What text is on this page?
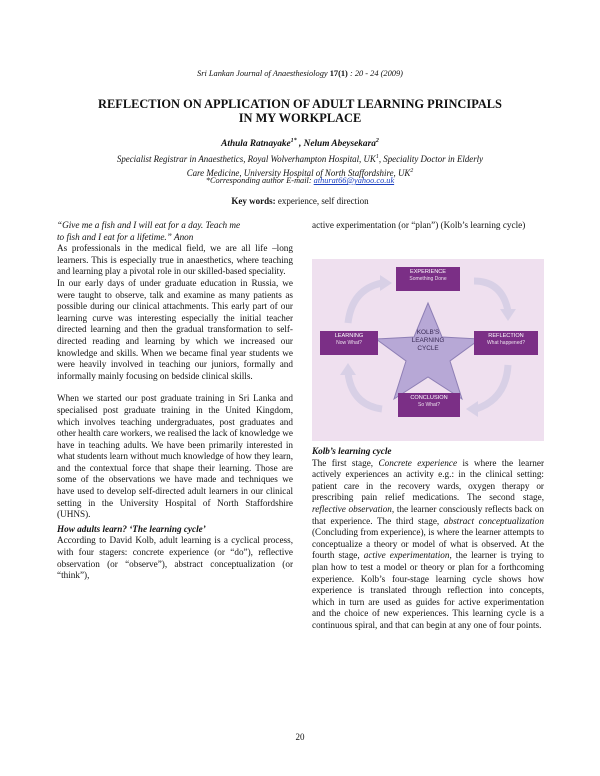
Sri Lankan Journal of Anaesthesiology 17(1) : 20 - 24 (2009)
REFLECTION ON APPLICATION OF ADULT LEARNING PRINCIPALS
IN MY WORKPLACE
Athula Ratnayake$^{1*}$ , Nelum Abeysekara$^2$
Specialist Registrar in Anaesthetics, Royal Wolverhampton Hospital, $UK^1$, Speciality Doctor in Elderly
Care Medicine, University Hospital of North Staffordshire, $UK^2$
*Corresponding author E-mail: athurat66@yahoo.co.uk
Key words: experience, self direction

“Give me a fish and I will eat for a day. Teach me
to fish and I eat for a lifetime.” Anon

As professionals in the medical field, we are all life –long learners. This is especially true in anaesthetics, where teaching and learning play a pivotal role in our skilled-based speciality.

In our early days of under graduate education in Russia, we were taught to observe, talk and examine as many patients as possible during our clinical attachments. This early part of our learning curve was interesting especially the initial teacher directed learning and then the gradual transformation to self-directed reading and learning by which we increased our knowledge and skills. When we became final year students we were heavily involved in teaching our juniors, formally and informally mainly focusing on bedside clinical skills.

When we started our post graduate training in Sri Lanka and specialised post graduate training in the United Kingdom, which involves teaching undergraduates, post graduates and other health care workers, we realised the lack of knowledge we have in teaching adults. We have been primarily interested in what students learn without much knowledge of how they learn, and the contextual force that shape their learning. Those are some of the observations we have made and techniques we have used to develop self-directed adult learners in our clinical setting in the University Hospital of North Staffordshire (UHNS).

How adults learn? ‘The learning cycle’

According to David Kolb, adult learning is a cyclical process, with four stagers: concrete experience (or “do”), reflective observation (or “observe”), abstract conceptualization (or “think”),

active experimentation (or “plan”) (Kolb’s learning cycle)

KOLB'S
LEARNING
CYCLE
EXPERIENCE
Something Done
REFLECTION
What happened?
CONCLUSION
So What?
LEARNING
Now What?

Kolb’s learning cycle

The first stage, Concrete experience is where the learner actively experiences an activity e.g.: in the clinical setting: patient care in the recovery wards, oxygen therapy or prescribing pain relief medications. The second stage, reflective observation, the learner consciously reflects back on that experience. The third stage, abstract conceptualization (Concluding from experience), is where the learner attempts to conceptualize a theory or model of what is observed. At the fourth stage, active experimentation, the learner is trying to plan how to test a model or theory or plan for a forthcoming experience. Kolb’s four-stage learning cycle shows how experience is translated through reflection into concepts, which in turn are used as guides for active experimentation and the choice of new experiences. This learning cycle is a continuous spiral, and that can begin at any one of four points.

20
